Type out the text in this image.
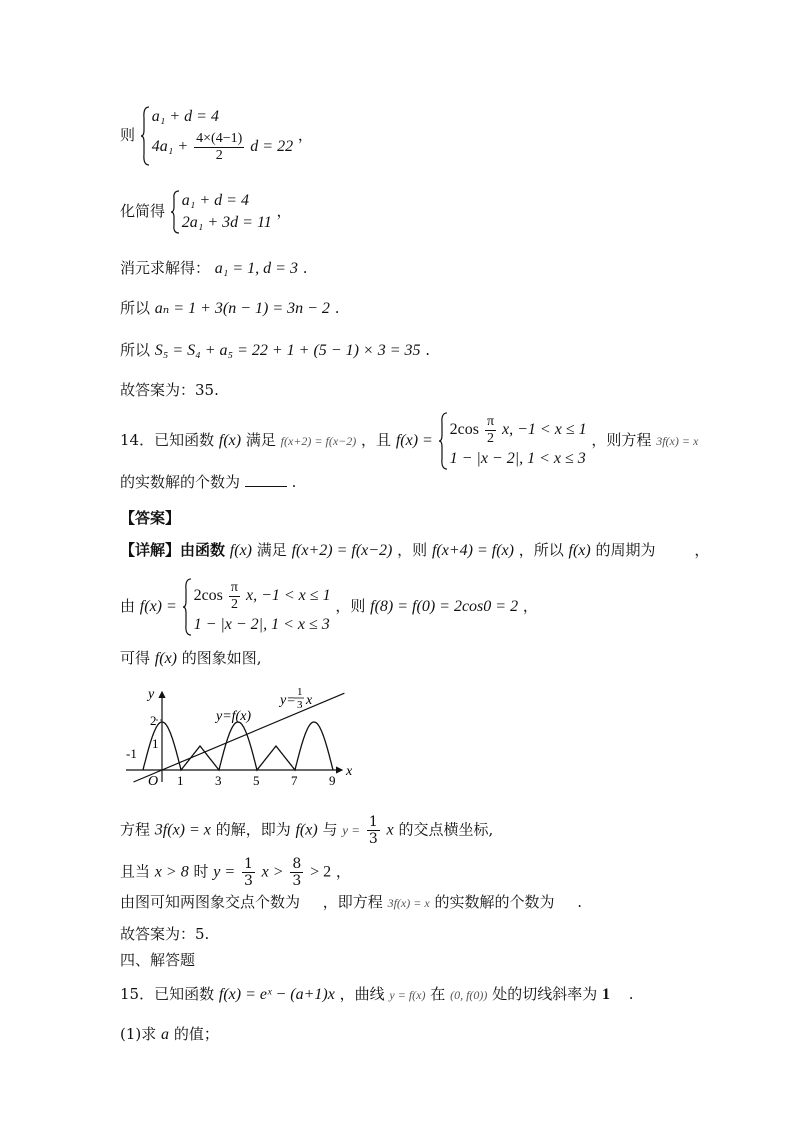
则
a₁ + d = 4
$4a_1 + \frac{4\times(4-1)}{2}$ d = 22
，
化简得
a₁ + d = 4
2a₁ + 3d = 11
，
消元求解得： a₁ = 1, d = 3 .
所以 aₙ = 1 + 3(n − 1) = 3n − 2 .
所以 S₅ = S₄ + a₅ = 22 + 1 + (5 − 1) × 3 = 35 .
故答案为：35.
14．已知函数 f(x) 满足 f(x+2) = f(x−2) ，且 f(x) =
$2\cos \frac{\pi}{2} x$, −1 < x ≤ 1
1 − |x − 2|, 1 < x ≤ 3
，则方程 3f(x) = x
的实数解的个数为	.
【答案】
【详解】由函数 f(x) 满足 f(x+2) = f(x−2) ，则 f(x+4) = f(x) ，所以 f(x) 的周期为	，
由 f(x) =
$2\cos \frac{\pi}{2} x$, −1 < x ≤ 1
1 − |x − 2|, 1 < x ≤ 3
，则 f(8) = f(0) = 2cos0 = 2 ，
可得 f(x) 的图象如图,
y
x
O
2
1
-1
1 3 5 7 9
y=f(x)
y=
1
3 x
方程 3f(x) = x 的解，即为 f(x) 与 $y = \frac{1}{3}$ x 的交点横坐标,
且当 x > 8 时 $y = \frac{1}{3}$ $x > \frac{8}{3} > 2$ ，
由图可知两图象交点个数为 ，即方程 3f(x) = x 的实数解的个数为 .
故答案为：5.
四、解答题
15．已知函数 f(x) = eˣ − (a+1)x ，曲线 y = f(x) 在 (0, f(0)) 处的切线斜率为 1 .
(1)求 a 的值；
